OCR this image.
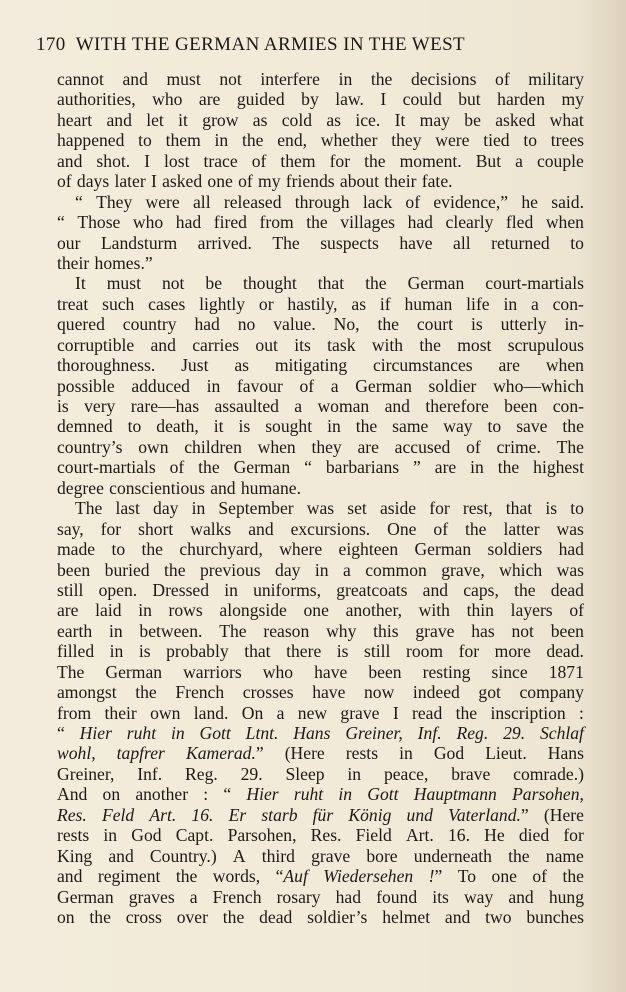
170 WITH THE GERMAN ARMIES IN THE WEST
cannot and must not interfere in the decisions of military
authorities, who are guided by law. I could but harden my
heart and let it grow as cold as ice. It may be asked what
happened to them in the end, whether they were tied to trees
and shot. I lost trace of them for the moment. But a couple
of days later I asked one of my friends about their fate.
“ They were all released through lack of evidence,” he said.
“ Those who had fired from the villages had clearly fled when
our Landsturm arrived. The suspects have all returned to
their homes.”
It must not be thought that the German court-martials
treat such cases lightly or hastily, as if human life in a con-
quered country had no value. No, the court is utterly in-
corruptible and carries out its task with the most scrupulous
thoroughness. Just as mitigating circumstances are when
possible adduced in favour of a German soldier who—which
is very rare—has assaulted a woman and therefore been con-
demned to death, it is sought in the same way to save the
country’s own children when they are accused of crime. The
court-martials of the German “ barbarians ” are in the highest
degree conscientious and humane.
The last day in September was set aside for rest, that is to
say, for short walks and excursions. One of the latter was
made to the churchyard, where eighteen German soldiers had
been buried the previous day in a common grave, which was
still open. Dressed in uniforms, greatcoats and caps, the dead
are laid in rows alongside one another, with thin layers of
earth in between. The reason why this grave has not been
filled in is probably that there is still room for more dead.
The German warriors who have been resting since 1871
amongst the French crosses have now indeed got company
from their own land. On a new grave I read the inscription :
“ Hier ruht in Gott Ltnt. Hans Greiner, Inf. Reg. 29. Schlaf
wohl, tapfrer Kamerad.” (Here rests in God Lieut. Hans
Greiner, Inf. Reg. 29. Sleep in peace, brave comrade.)
And on another : “ Hier ruht in Gott Hauptmann Parsohen,
Res. Feld Art. 16. Er starb für König und Vaterland.” (Here
rests in God Capt. Parsohen, Res. Field Art. 16. He died for
King and Country.) A third grave bore underneath the name
and regiment the words, “Auf Wiedersehen !” To one of the
German graves a French rosary had found its way and hung
on the cross over the dead soldier’s helmet and two bunches
